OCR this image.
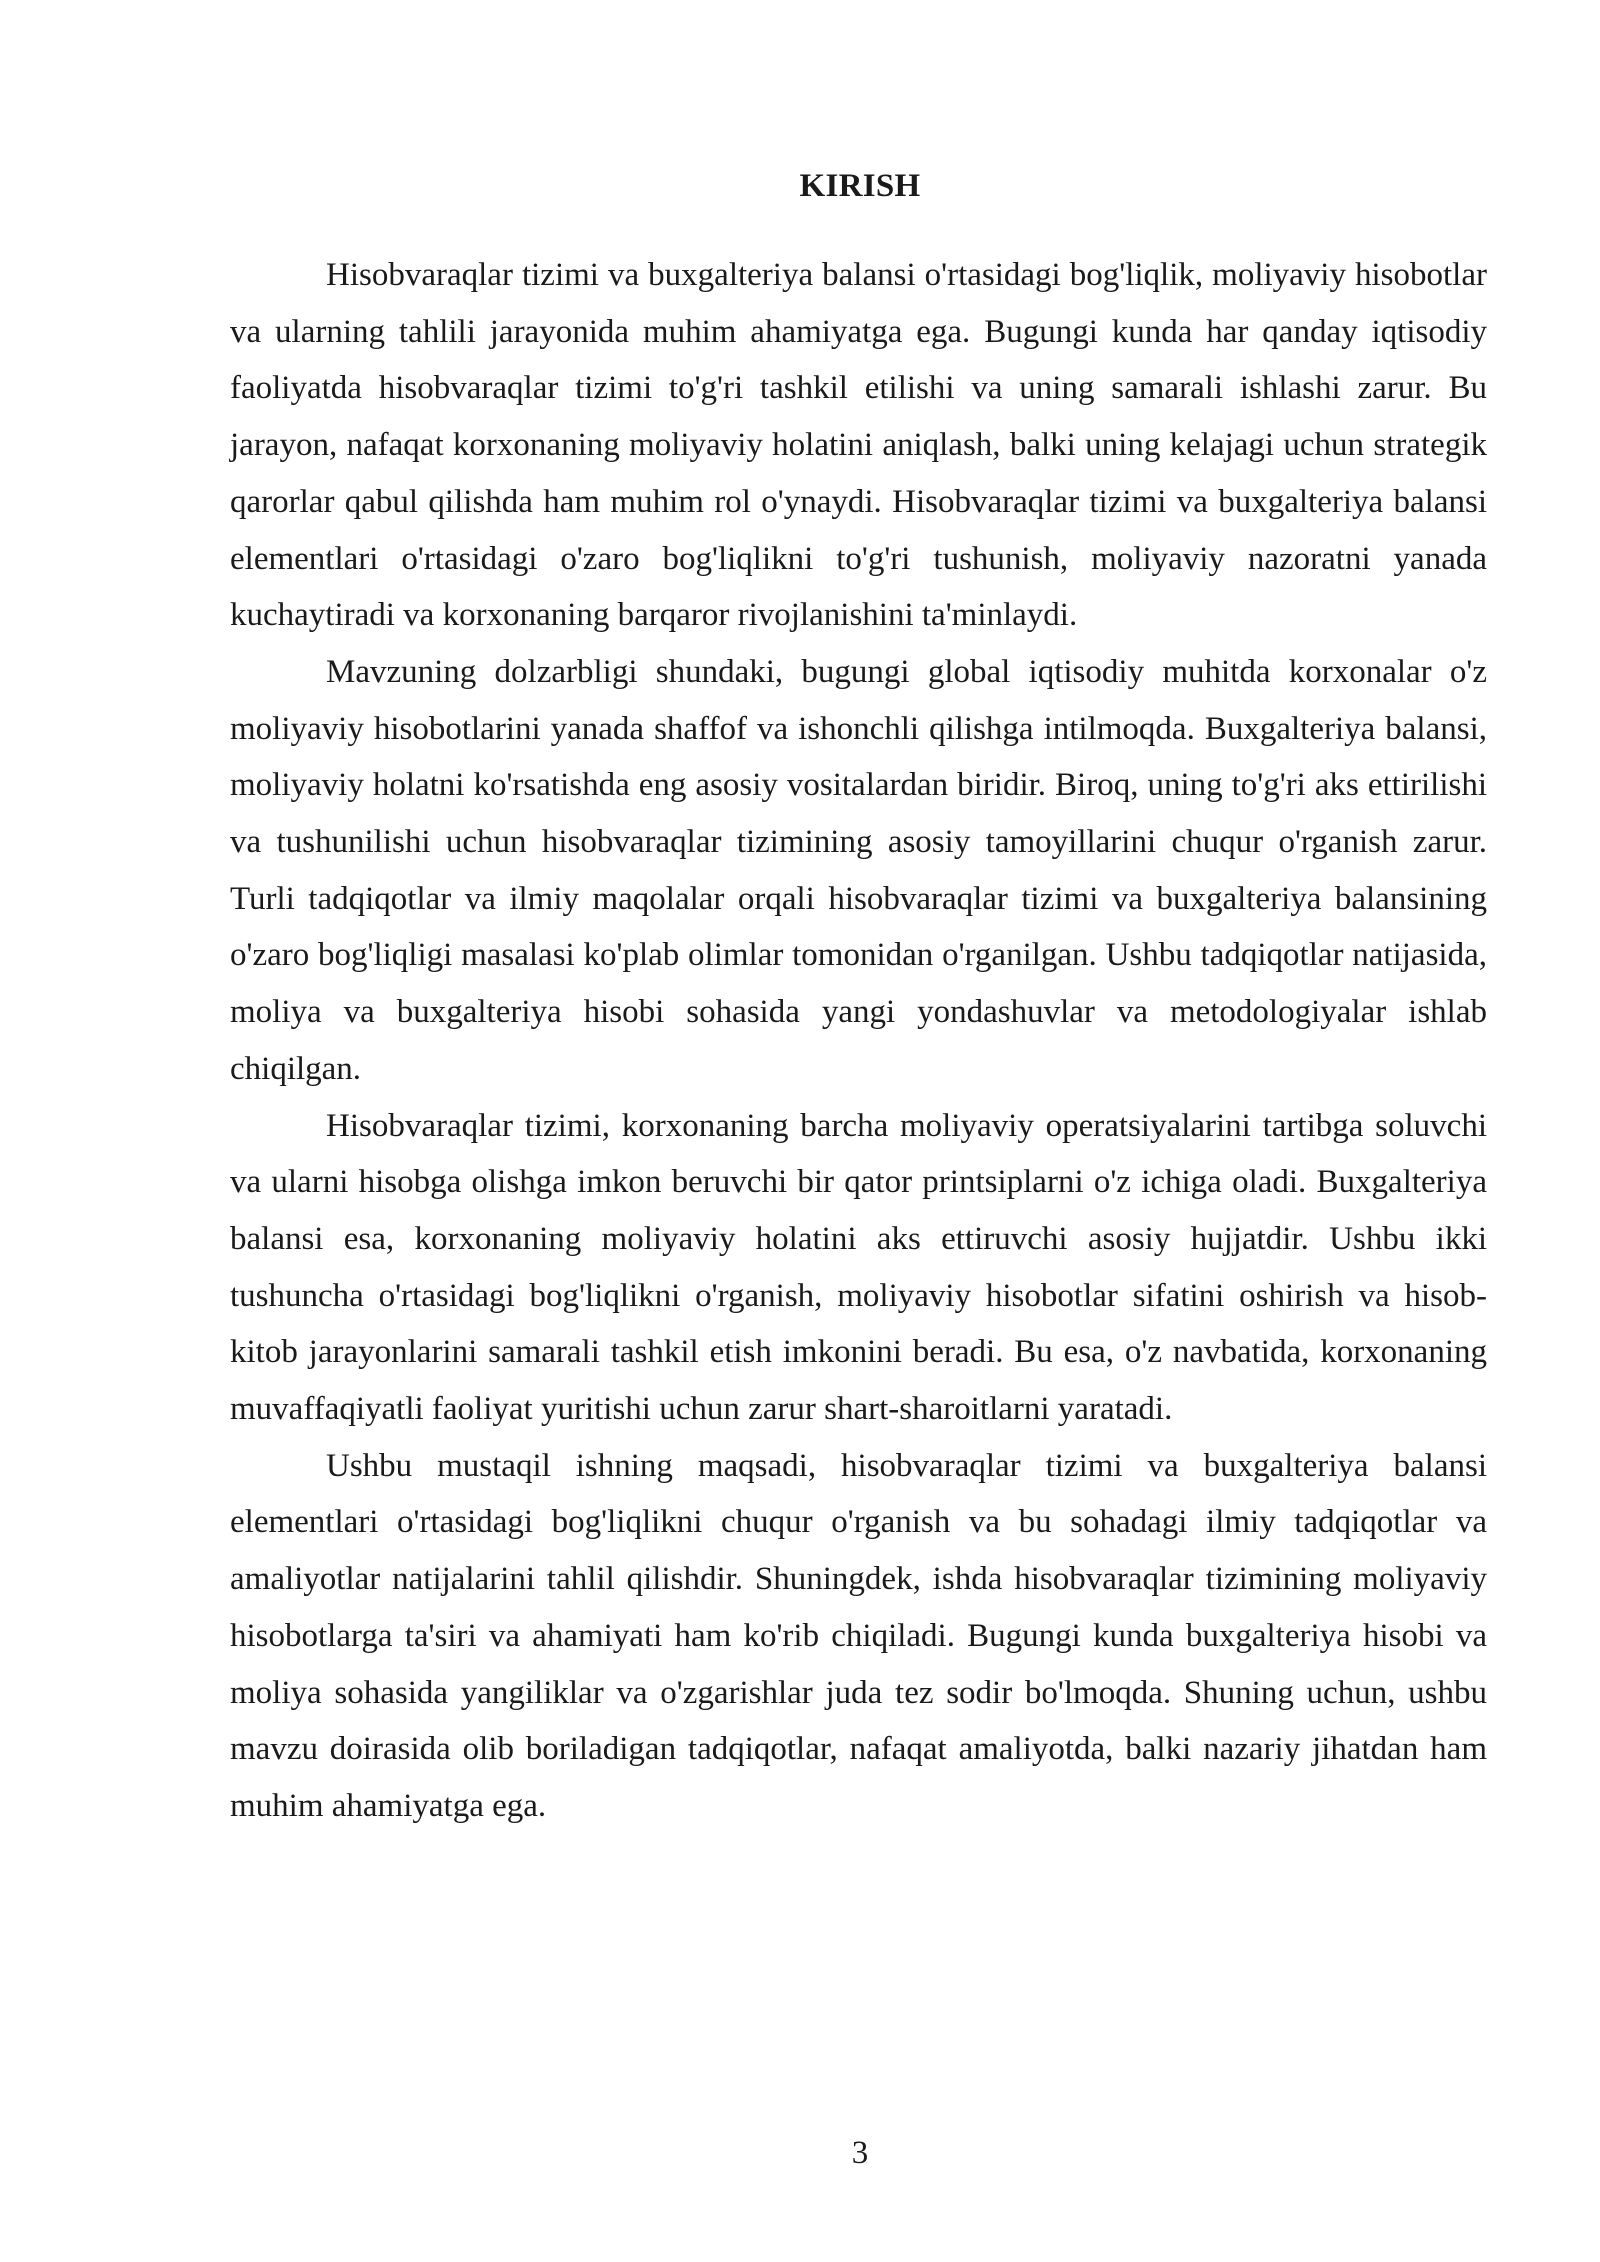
KIRISH

Hisobvaraqlar tizimi va buxgalteriya balansi o'rtasidagi bog'liqlik, moliyaviy hisobotlar va ularning tahlili jarayonida muhim ahamiyatga ega. Bugungi kunda har qanday iqtisodiy faoliyatda hisobvaraqlar tizimi to'g'ri tashkil etilishi va uning samarali ishlashi zarur. Bu jarayon, nafaqat korxonaning moliyaviy holatini aniqlash, balki uning kelajagi uchun strategik qarorlar qabul qilishda ham muhim rol o'ynaydi. Hisobvaraqlar tizimi va buxgalteriya balansi elementlari o'rtasidagi o'zaro bog'liqlikni to'g'ri tushunish, moliyaviy nazoratni yanada kuchaytiradi va korxonaning barqaror rivojlanishini ta'minlaydi.

Mavzuning dolzarbligi shundaki, bugungi global iqtisodiy muhitda korxonalar o'z moliyaviy hisobotlarini yanada shaffof va ishonchli qilishga intilmoqda. Buxgalteriya balansi, moliyaviy holatni ko'rsatishda eng asosiy vositalardan biridir. Biroq, uning to'g'ri aks ettirilishi va tushunilishi uchun hisobvaraqlar tizimining asosiy tamoyillarini chuqur o'rganish zarur. Turli tadqiqotlar va ilmiy maqolalar orqali hisobvaraqlar tizimi va buxgalteriya balansining o'zaro bog'liqligi masalasi ko'plab olimlar tomonidan o'rganilgan. Ushbu tadqiqotlar natijasida, moliya va buxgalteriya hisobi sohasida yangi yondashuvlar va metodologiyalar ishlab chiqilgan.

Hisobvaraqlar tizimi, korxonaning barcha moliyaviy operatsiyalarini tartibga soluvchi va ularni hisobga olishga imkon beruvchi bir qator printsiplarni o'z ichiga oladi. Buxgalteriya balansi esa, korxonaning moliyaviy holatini aks ettiruvchi asosiy hujjatdir. Ushbu ikki tushuncha o'rtasidagi bog'liqlikni o'rganish, moliyaviy hisobotlar sifatini oshirish va hisob-kitob jarayonlarini samarali tashkil etish imkonini beradi. Bu esa, o'z navbatida, korxonaning muvaffaqiyatli faoliyat yuritishi uchun zarur shart-sharoitlarni yaratadi.

Ushbu mustaqil ishning maqsadi, hisobvaraqlar tizimi va buxgalteriya balansi elementlari o'rtasidagi bog'liqlikni chuqur o'rganish va bu sohadagi ilmiy tadqiqotlar va amaliyotlar natijalarini tahlil qilishdir. Shuningdek, ishda hisobvaraqlar tizimining moliyaviy hisobotlarga ta'siri va ahamiyati ham ko'rib chiqiladi. Bugungi kunda buxgalteriya hisobi va moliya sohasida yangiliklar va o'zgarishlar juda tez sodir bo'lmoqda. Shuning uchun, ushbu mavzu doirasida olib boriladigan tadqiqotlar, nafaqat amaliyotda, balki nazariy jihatdan ham muhim ahamiyatga ega.

3
